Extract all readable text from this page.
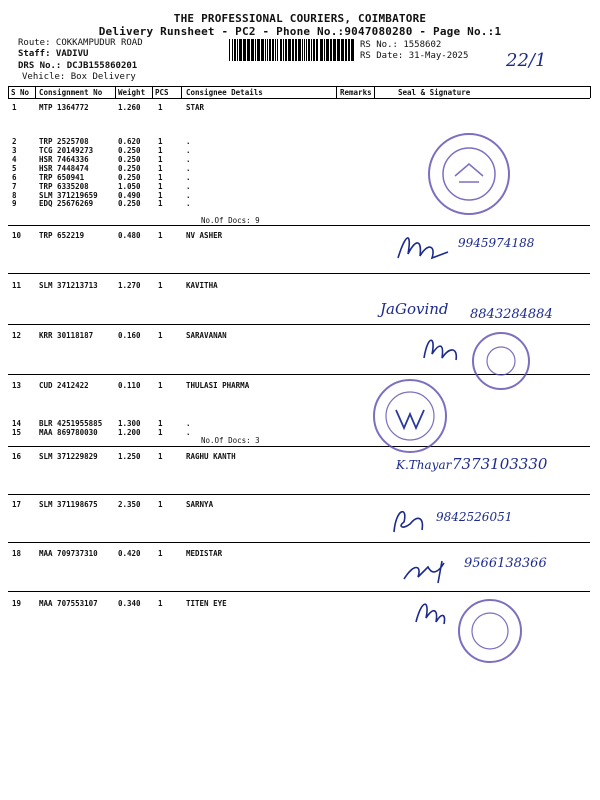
THE PROFESSIONAL COURIERS, COIMBATORE
Delivery Runsheet - PC2 - Phone No.:9047080280 - Page No.:1
Route: COKKAMPUDUR ROAD
Staff: VADIVU
DRS No.: DCJB155860201
Vehicle: Box Delivery
RS No.: 1558602
RS Date: 31-May-2025 22/1
S No Consignment No Weight PCS Consignee Details	Remarks	Seal & Signature
1	MTP 1364772	1.260 1	STAR
2	TRP 2525708	0.620 1	.
3	TCG 20149273	0.250 1	.
4	HSR 7464336	0.250 1	.
5	HSR 7448474	0.250 1	.
6	TRP 650941	0.250 1	.
7	TRP 6335208	1.050 1	.
8	SLM 371219659	0.490 1	.
9	EDQ 25676269	0.250 1	.
10 TRP 652219	0.480 1	NV ASHER
11 SLM 371213713	1.270 1	KAVITHA
12 KRR 30118187	0.160 1	SARAVANAN
13 CUD 2412422	0.110 1	THULASI PHARMA
14 BLR 4251955885 1.300 1	.
15 MAA 869780030	1.200 1	.
16 SLM 371229829	1.250 1	RAGHU KANTH
17 SLM 371198675	2.350 1	SARNYA
18 MAA 709737310	0.420 1	MEDISTAR
19 MAA 707553107	0.340 1	TITEN EYE
No.Of Docs: 9
No.Of Docs: 3
9945974188
JaGovind 8843284884
K.Thayar 7373103330
9842526051
9566138366
